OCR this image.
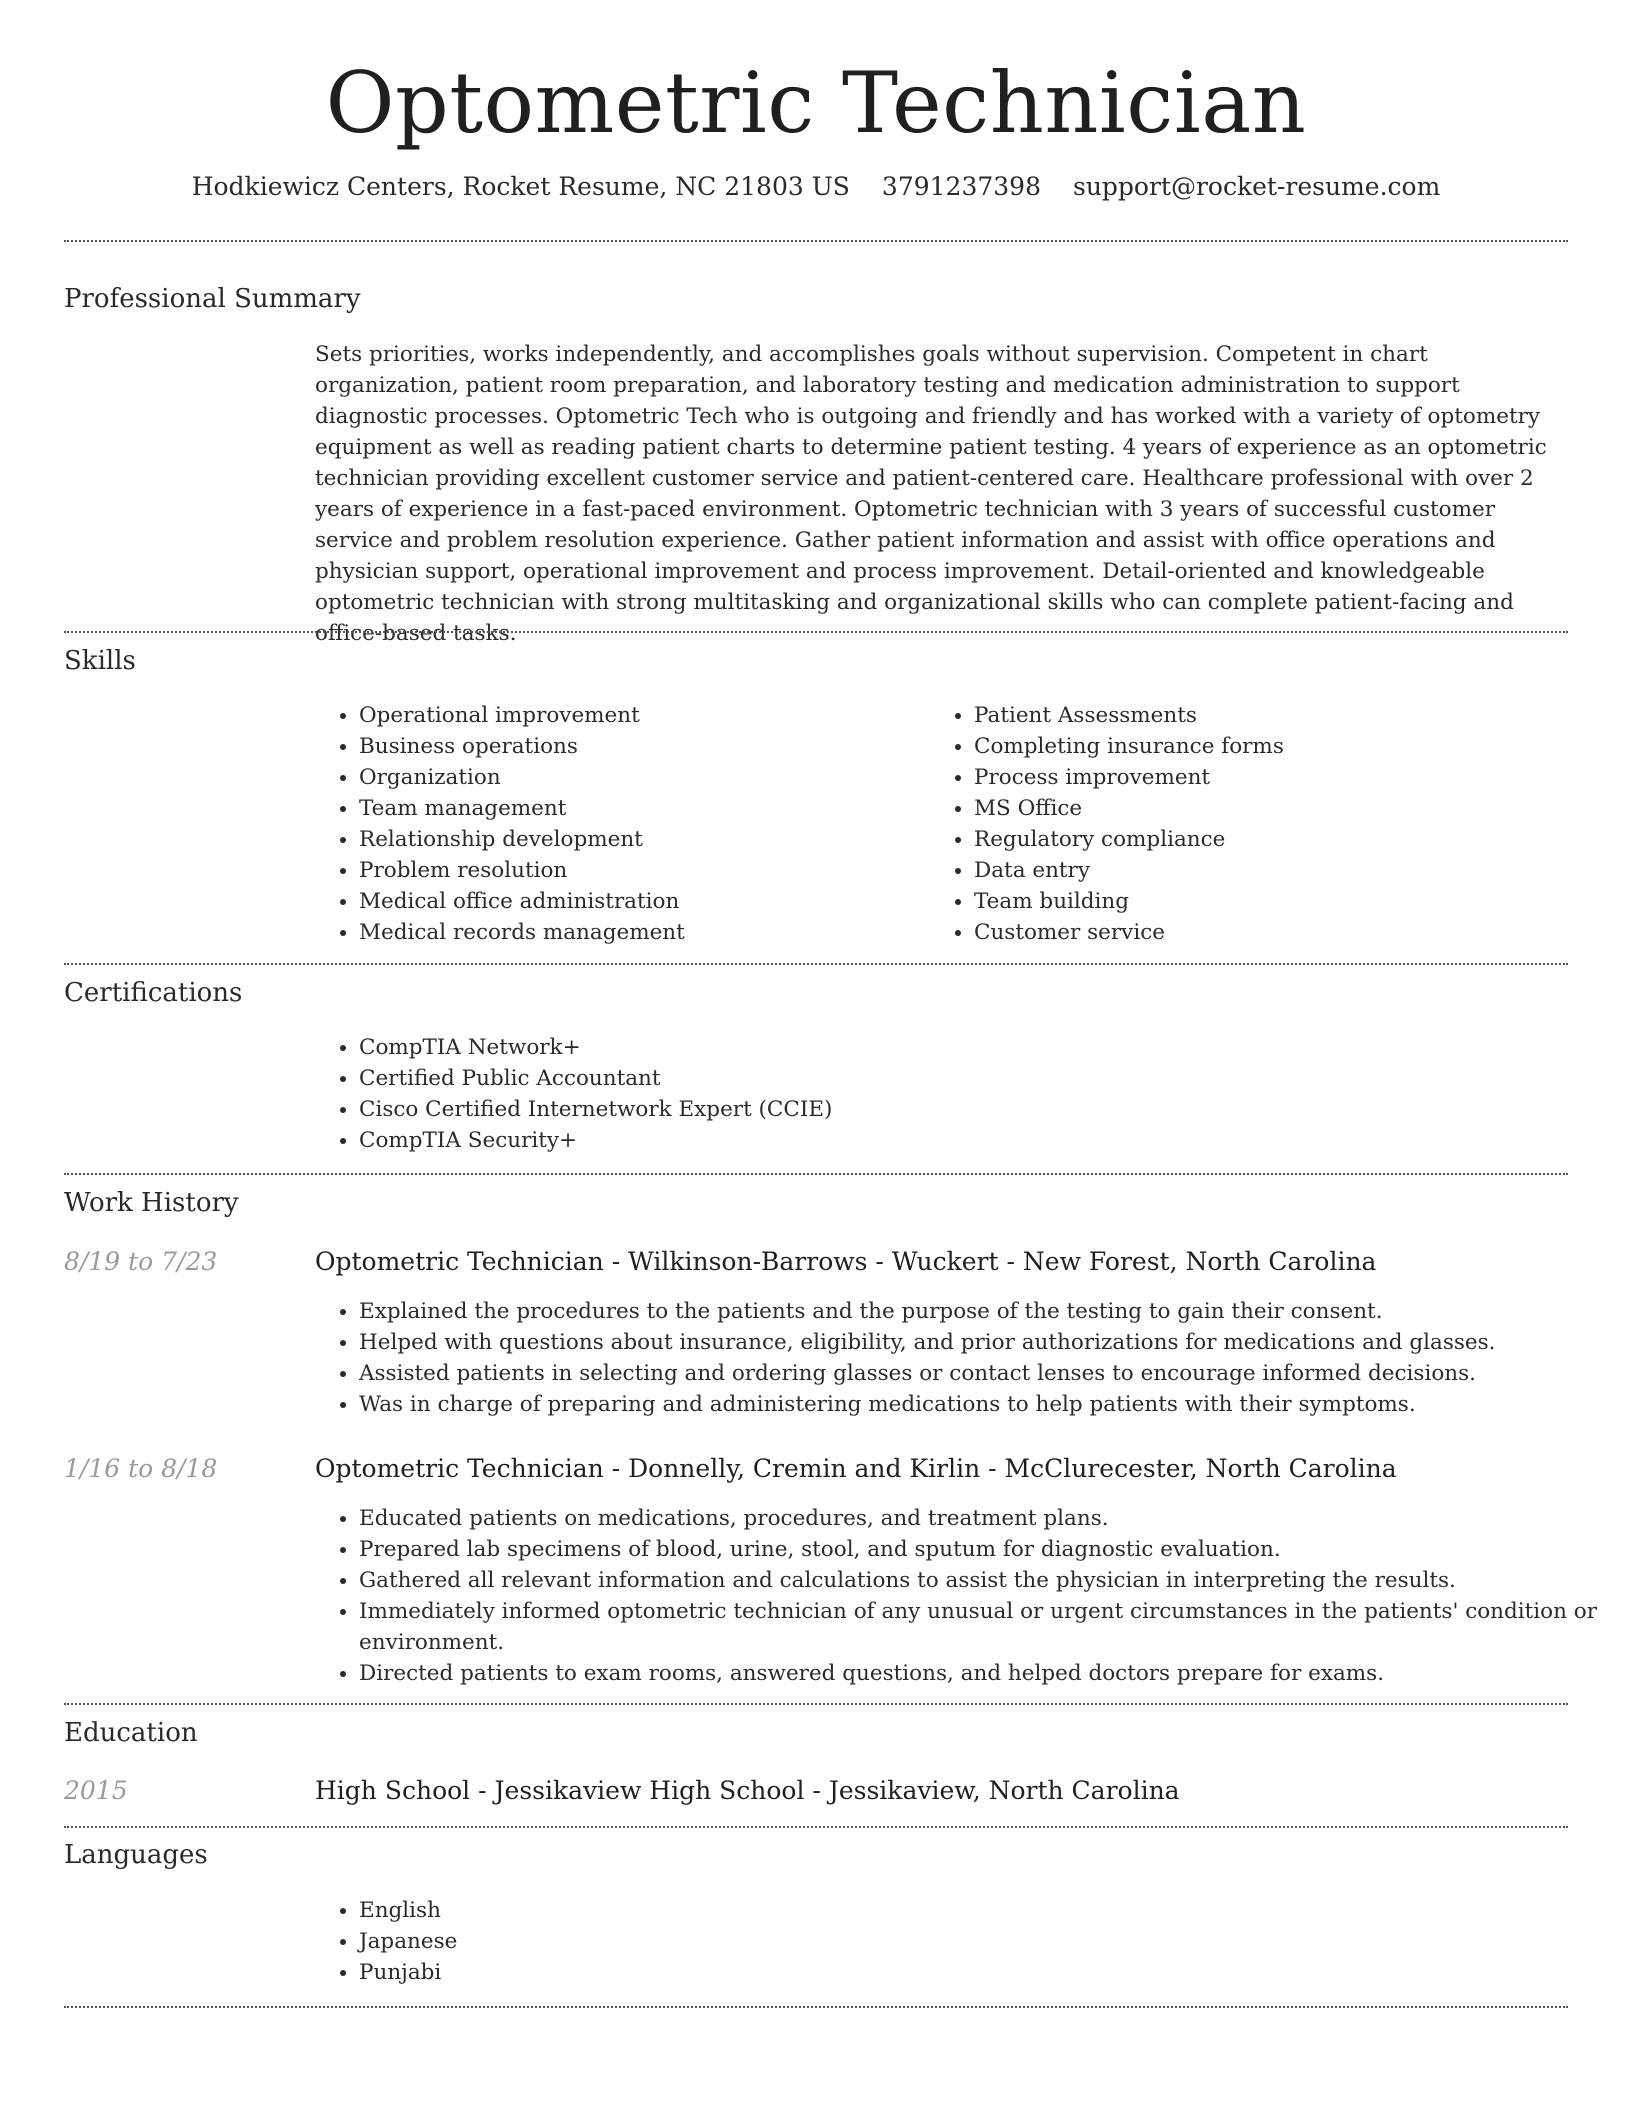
Optometric Technician
Hodkiewicz Centers, Rocket Resume, NC 21803 US 3791237398 support@rocket-resume.com
Professional Summary
Sets priorities, works independently, and accomplishes goals without supervision. Competent in chart organization, patient room preparation, and laboratory testing and medication administration to support diagnostic processes. Optometric Tech who is outgoing and friendly and has worked with a variety of optometry equipment as well as reading patient charts to determine patient testing. 4 years of experience as an optometric technician providing excellent customer service and patient-centered care. Healthcare professional with over 2 years of experience in a fast-paced environment. Optometric technician with 3 years of successful customer service and problem resolution experience. Gather patient information and assist with office operations and physician support, operational improvement and process improvement. Detail-oriented and knowledgeable optometric technician with strong multitasking and organizational skills who can complete patient-facing and office-based tasks.
Skills
• Operational improvement
• Business operations
• Organization
• Team management
• Relationship development
• Problem resolution
• Medical office administration
• Medical records management
• Patient Assessments
• Completing insurance forms
• Process improvement
• MS Office
• Regulatory compliance
• Data entry
• Team building
• Customer service
Certifications
• CompTIA Network+
• Certified Public Accountant
• Cisco Certified Internetwork Expert (CCIE)
• CompTIA Security+
Work History
8/19 to 7/23	Optometric Technician - Wilkinson-Barrows - Wuckert - New Forest, North Carolina
• Explained the procedures to the patients and the purpose of the testing to gain their consent.
• Helped with questions about insurance, eligibility, and prior authorizations for medications and glasses.
• Assisted patients in selecting and ordering glasses or contact lenses to encourage informed decisions.
• Was in charge of preparing and administering medications to help patients with their symptoms.
1/16 to 8/18	Optometric Technician - Donnelly, Cremin and Kirlin - McClurecester, North Carolina
• Educated patients on medications, procedures, and treatment plans.
• Prepared lab specimens of blood, urine, stool, and sputum for diagnostic evaluation.
• Gathered all relevant information and calculations to assist the physician in interpreting the results.
• Immediately informed optometric technician of any unusual or urgent circumstances in the patients' condition or environment.
• Directed patients to exam rooms, answered questions, and helped doctors prepare for exams.
Education
2015	High School - Jessikaview High School - Jessikaview, North Carolina
Languages
• English
• Japanese
• Punjabi
